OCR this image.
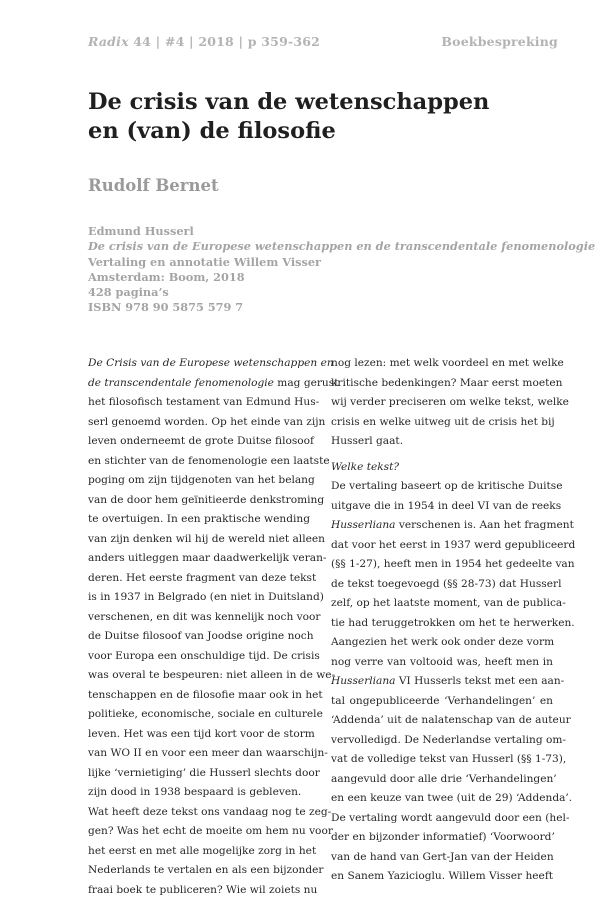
Radix 44 | #4 | 2018 | p 359-362	Boekbespreking
De crisis van de wetenschappen
en (van) de filosofie
Rudolf Bernet
Edmund Husserl
De crisis van de Europese wetenschappen en de transcendentale fenomenologie
Vertaling en annotatie Willem Visser
Amsterdam: Boom, 2018
428 pagina’s
ISBN 978 90 5875 579 7
De Crisis van de Europese wetenschappen en
de transcendentale fenomenologie mag gerust
het filosofisch testament van Edmund Hus-
serl genoemd worden. Op het einde van zijn
leven onderneemt de grote Duitse filosoof
en stichter van de fenomenologie een laatste
poging om zijn tijdgenoten van het belang
van de door hem geïnitieerde denkstroming
te overtuigen. In een praktische wending
van zijn denken wil hij de wereld niet alleen
anders uitleggen maar daadwerkelijk veran-
deren. Het eerste fragment van deze tekst
is in 1937 in Belgrado (en niet in Duitsland)
verschenen, en dit was kennelijk noch voor
de Duitse filosoof van Joodse origine noch
voor Europa een onschuldige tijd. De crisis
was overal te bespeuren: niet alleen in de we-
tenschappen en de filosofie maar ook in het
politieke, economische, sociale en culturele
leven. Het was een tijd kort voor de storm
van WO II en voor een meer dan waarschijn-
lijke ‘vernietiging’ die Husserl slechts door
zijn dood in 1938 bespaard is gebleven.
Wat heeft deze tekst ons vandaag nog te zeg-
gen? Was het echt de moeite om hem nu voor
het eerst en met alle mogelijke zorg in het
Nederlands te vertalen en als een bijzonder
fraai boek te publiceren? Wie wil zoiets nu
nog lezen: met welk voordeel en met welke
kritische bedenkingen? Maar eerst moeten
wij verder preciseren om welke tekst, welke
crisis en welke uitweg uit de crisis het bij
Husserl gaat.
Welke tekst?
De vertaling baseert op de kritische Duitse
uitgave die in 1954 in deel VI van de reeks
Husserliana verschenen is. Aan het fragment
dat voor het eerst in 1937 werd gepubliceerd
(§§ 1-27), heeft men in 1954 het gedeelte van
de tekst toegevoegd (§§ 28-73) dat Husserl
zelf, op het laatste moment, van de publica-
tie had teruggetrokken om het te herwerken.
Aangezien het werk ook onder deze vorm
nog verre van voltooid was, heeft men in
Husserliana VI Husserls tekst met een aan-
tal ongepubliceerde ‘Verhandelingen’ en
‘Addenda’ uit de nalatenschap van de auteur
vervolledigd. De Nederlandse vertaling om-
vat de volledige tekst van Husserl (§§ 1-73),
aangevuld door alle drie ‘Verhandelingen’
en een keuze van twee (uit de 29) ‘Addenda’.
De vertaling wordt aangevuld door een (hel-
der en bijzonder informatief) ‘Voorwoord’
van de hand van Gert-Jan van der Heiden
en Sanem Yazicioglu. Willem Visser heeft
